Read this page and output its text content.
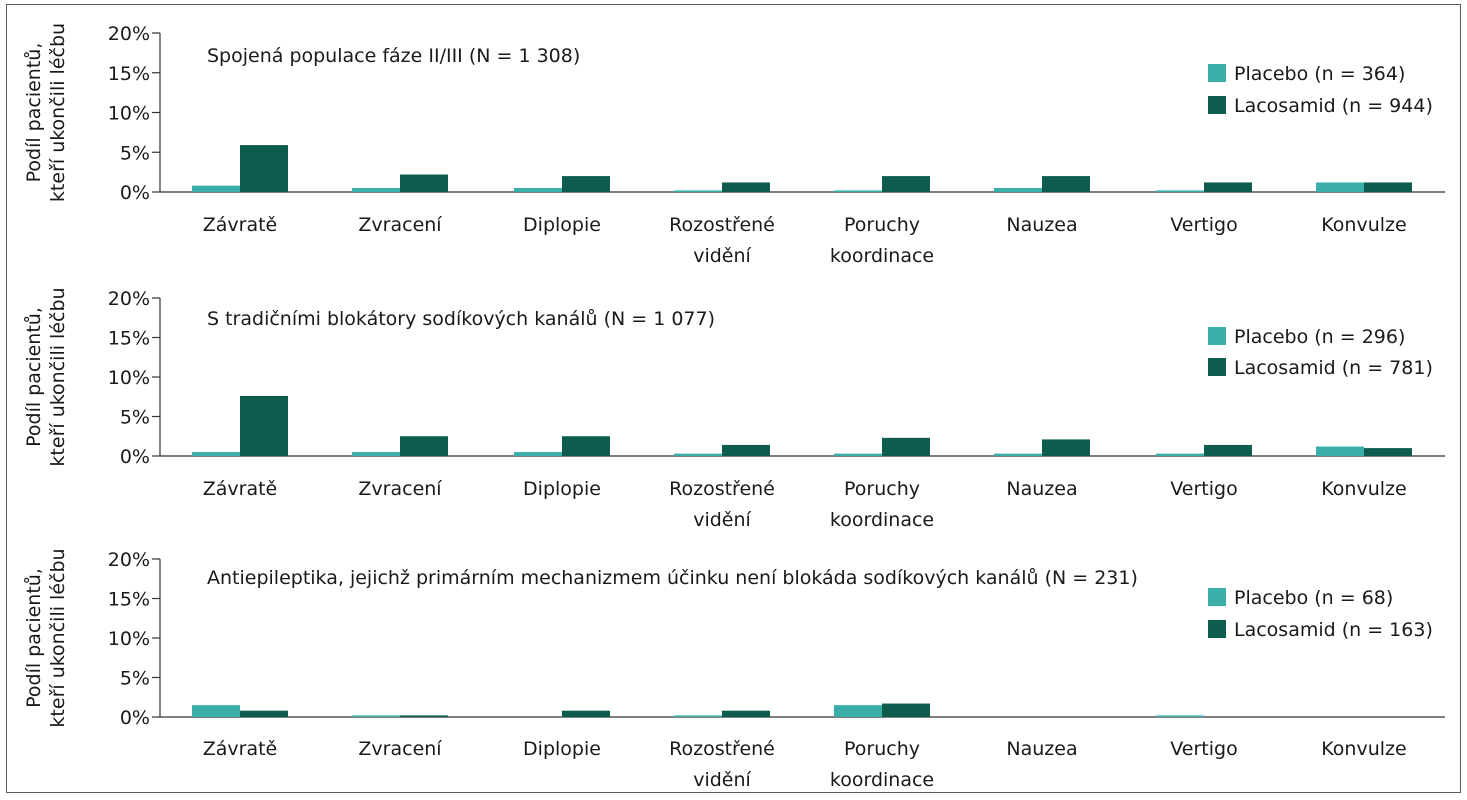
20%
15%
10%
5%
0%
Podíl pacientů, kteří ukončili léčbu	Spojená populace fáze II/III (N = 1 308)
Závratě	Zvracení	Diplopie	Rozostřené
vidění
Poruchy
koordinace
Nauzea	Vertigo	Konvulze
Placebo (n = 364)
Lacosamid (n = 944)
20%
15%
10%
5%
0%
Podíl pacientů, kteří ukončili léčbu	S tradičními blokátory sodíkových kanálů (N = 1 077)
Závratě	Zvracení	Diplopie	Rozostřené
vidění
Poruchy
koordinace
Nauzea	Vertigo	Konvulze
Placebo (n = 296)
Lacosamid (n = 781)
20%
15%
10%
5%
0%
Podíl pacientů, kteří ukončili léčbu	Antiepileptika, jejichž primárním mechanizmem účinku není blokáda sodíkových kanálů (N = 231)
Závratě	Zvracení	Diplopie	Rozostřené
vidění
Poruchy
koordinace
Nauzea	Vertigo	Konvulze
Placebo (n = 68)
Lacosamid (n = 163)
